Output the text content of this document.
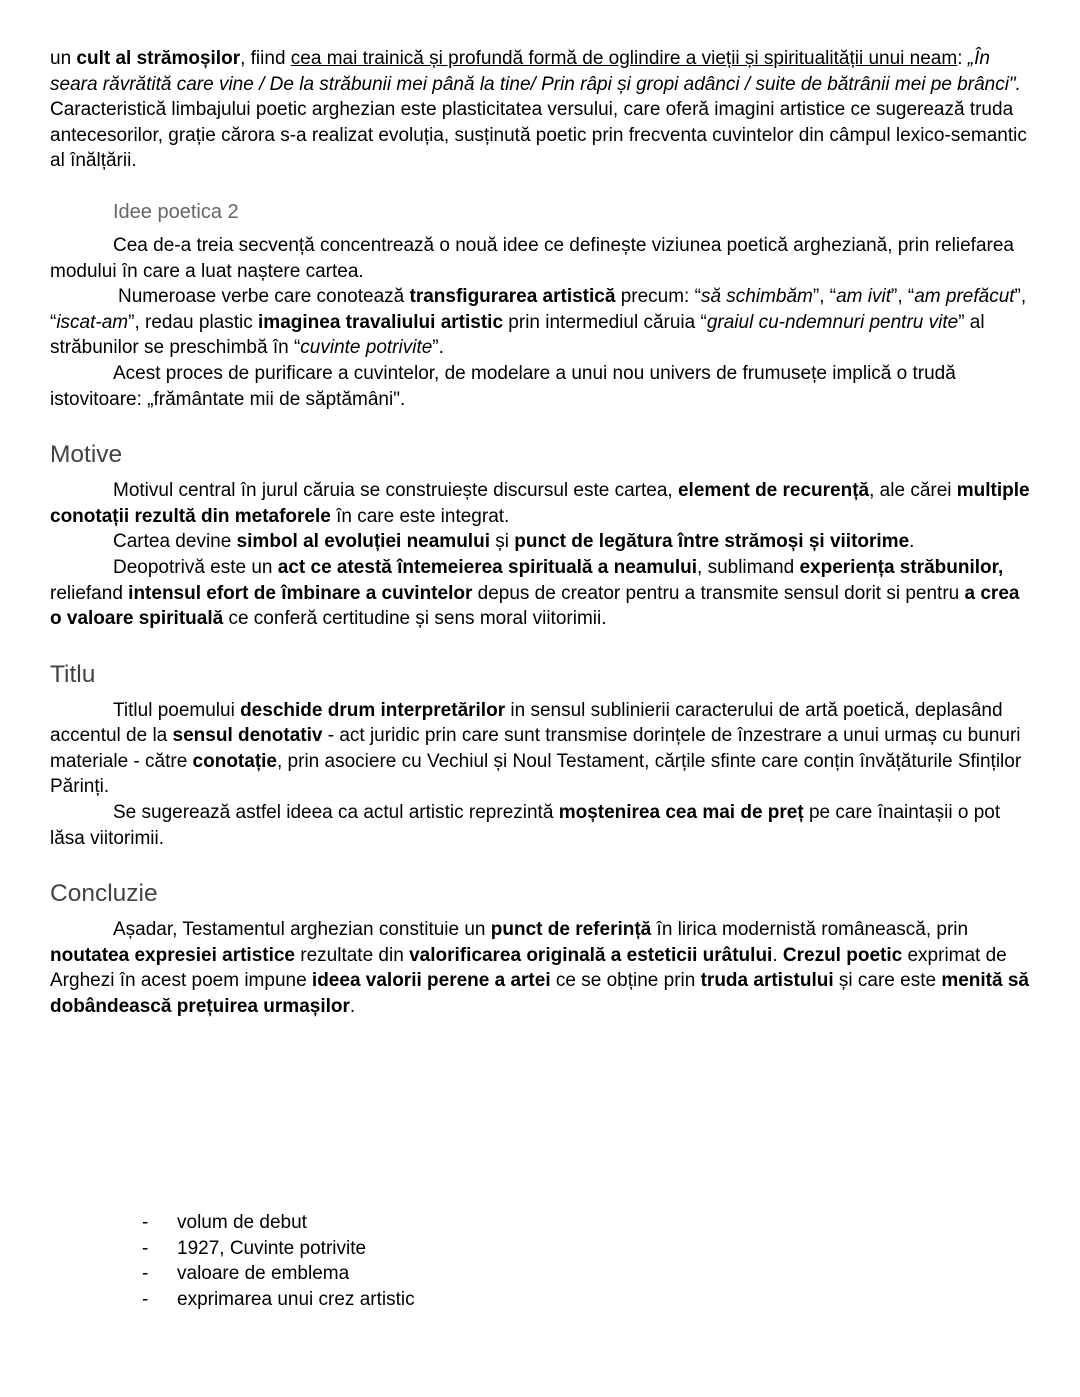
un cult al strămoșilor, fiind cea mai trainică și profundă formă de oglindire a vieții și spiritualității unui neam: „În seara răvrătită care vine / De la străbunii mei până la tine/ Prin râpi și gropi adânci / suite de bătrânii mei pe brânci". Caracteristică limbajului poetic arghezian este plasticitatea versului, care oferă imagini artistice ce sugerează truda antecesorilor, grație cărora s-a realizat evoluția, susținută poetic prin frecventa cuvintelor din câmpul lexico-semantic al înălțării.

Idee poetica 2

Cea de-a treia secvență concentrează o nouă idee ce definește viziunea poetică argheziană, prin reliefarea modului în care a luat naștere cartea.

Numeroase verbe care conotează transfigurarea artistică precum: “să schimbăm”, “am ivit”, “am prefăcut”, “iscat-am”, redau plastic imaginea travaliului artistic prin intermediul căruia “graiul cu-ndemnuri pentru vite” al străbunilor se preschimbă în “cuvinte potrivite”.

Acest proces de purificare a cuvintelor, de modelare a unui nou univers de frumusețe implică o trudă istovitoare: „frământate mii de săptămâni".

Motive

Motivul central în jurul căruia se construiește discursul este cartea, element de recurență, ale cărei multiple conotații rezultă din metaforele în care este integrat.

Cartea devine simbol al evoluției neamului și punct de legătura între strămoși și viitorime.

Deopotrivă este un act ce atestă întemeierea spirituală a neamului, sublimand experiența străbunilor, reliefand intensul efort de îmbinare a cuvintelor depus de creator pentru a transmite sensul dorit si pentru a crea o valoare spirituală ce conferă certitudine și sens moral viitorimii.

Titlu

Titlul poemului deschide drum interpretărilor in sensul sublinierii caracterului de artă poetică, deplasând accentul de la sensul denotativ - act juridic prin care sunt transmise dorințele de înzestrare a unui urmaș cu bunuri materiale - către conotație, prin asociere cu Vechiul și Noul Testament, cărțile sfinte care conțin învățăturile Sfinților Părinți.

Se sugerează astfel ideea ca actul artistic reprezintă moștenirea cea mai de preț pe care înaintașii o pot lăsa viitorimii.

Concluzie

Așadar, Testamentul arghezian constituie un punct de referință în lirica modernistă românească, prin noutatea expresiei artistice rezultate din valorificarea originală a esteticii urâtului. Crezul poetic exprimat de Arghezi în acest poem impune ideea valorii perene a artei ce se obține prin truda artistului și care este menită să dobândească prețuirea urmașilor.

- volum de debut
- 1927, Cuvinte potrivite
- valoare de emblema
- exprimarea unui crez artistic
